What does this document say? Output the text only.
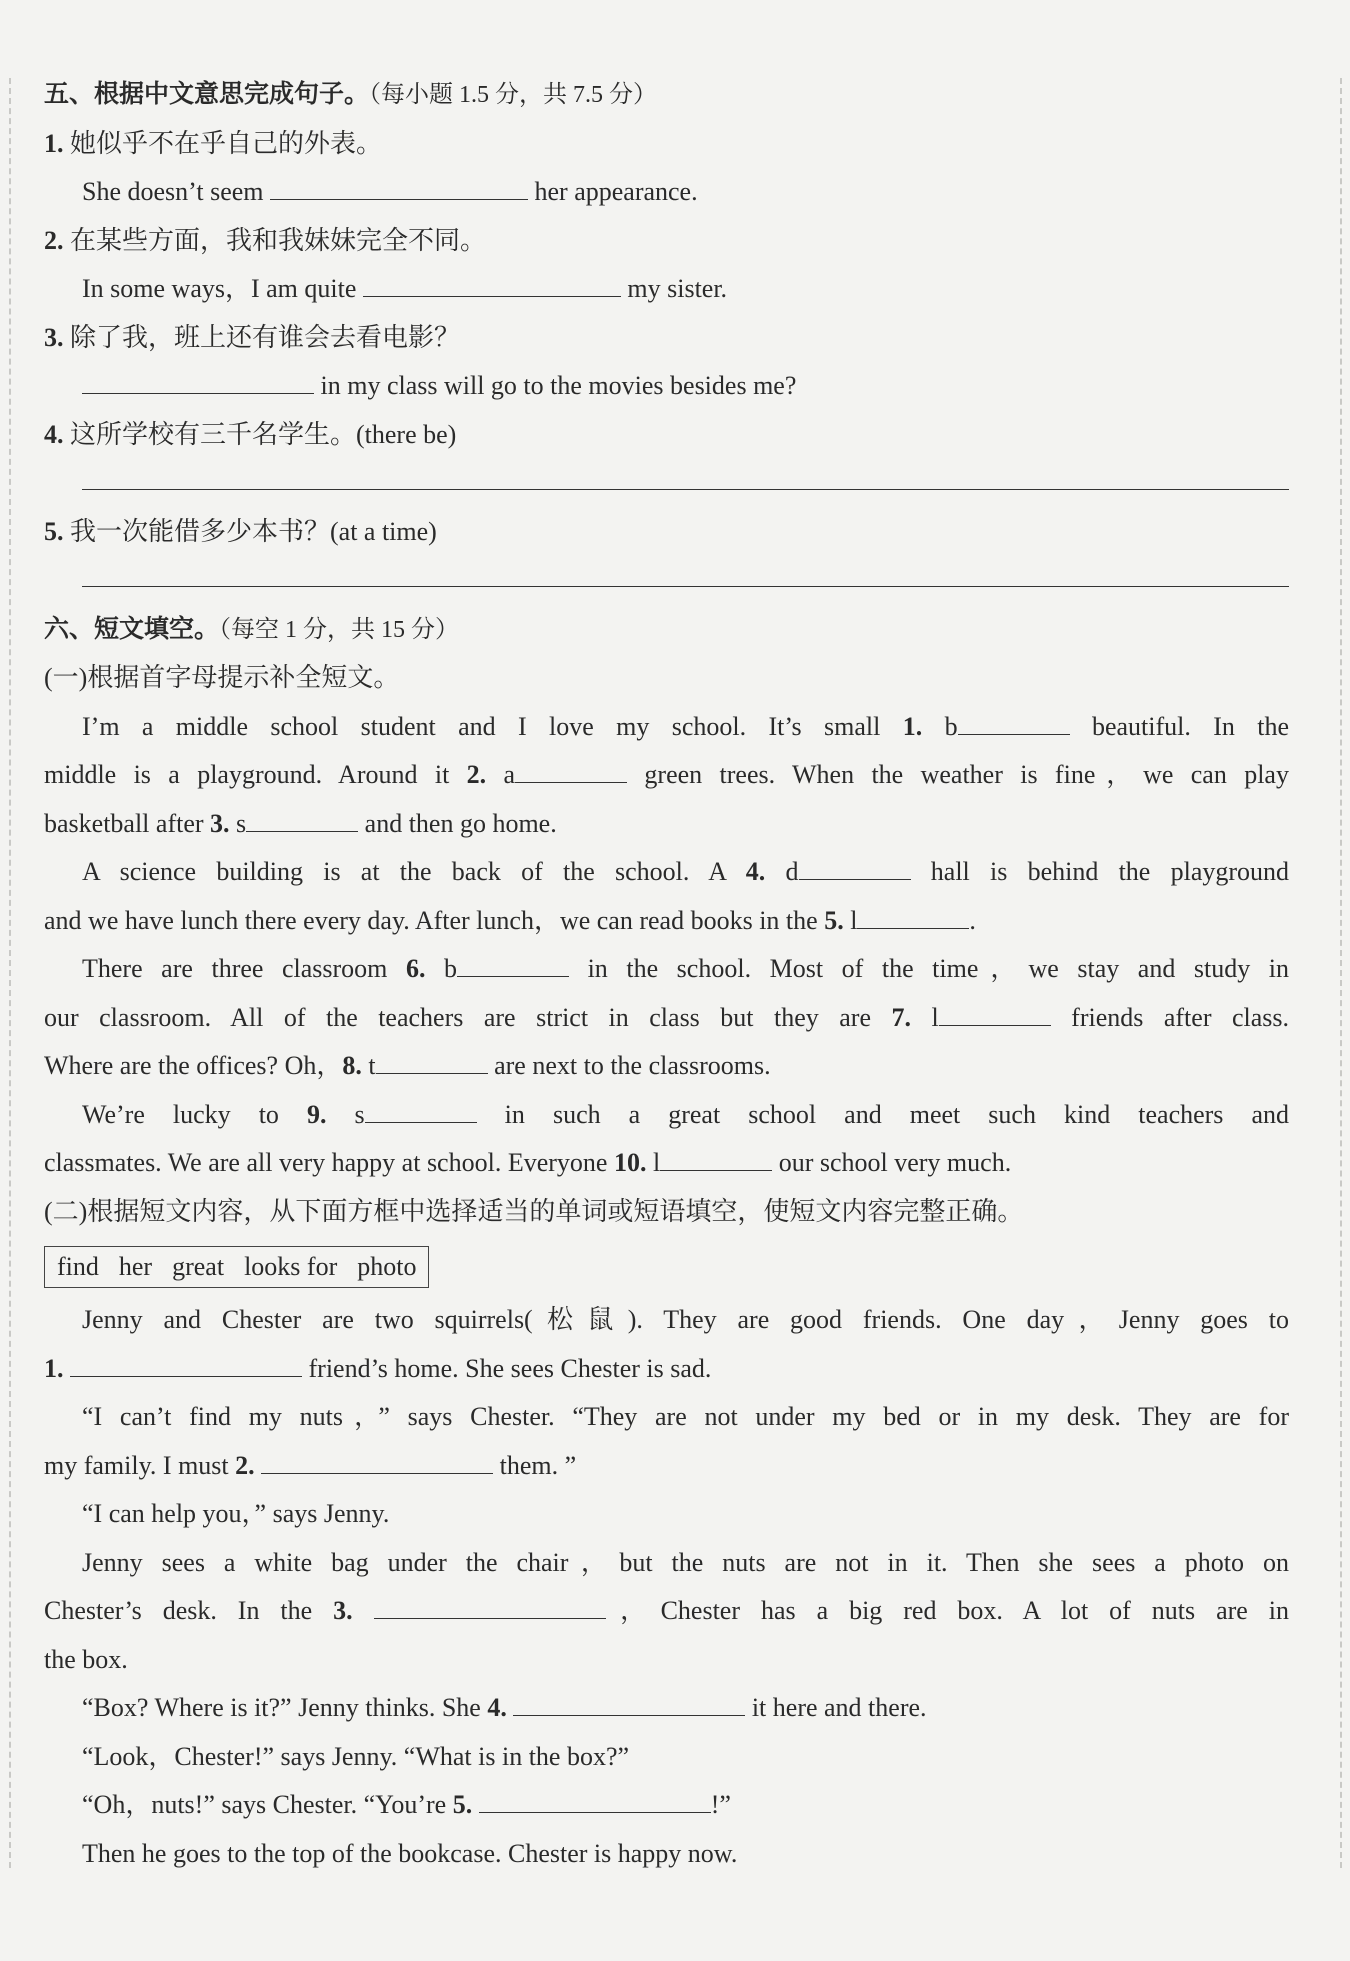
五、根据中文意思完成句子。（每小题 1.5 分，共 7.5 分）
1. 她似乎不在乎自己的外表。
She doesn’t seem	her appearance.
2. 在某些方面，我和我妹妹完全不同。
In some ways，I am quite	my sister.
3. 除了我，班上还有谁会去看电影？
in my class will go to the movies besides me?
4. 这所学校有三千名学生。(there be)
5. 我一次能借多少本书？(at a time)
六、短文填空。（每空 1 分，共 15 分）
(一)根据首字母提示补全短文。
I’m a middle school student and I love my school. It’s small 1. b	beautiful. In the
middle is a playground. Around it 2. a	green trees. When the weather is fine，we can play
basketball after 3. s	and then go home.
A science building is at the back of the school. A 4. d	hall is behind the playground
and we have lunch there every day. After lunch，we can read books in the 5. l	.
There are three classroom 6. b	in the school. Most of the time，we stay and study in
our classroom. All of the teachers are strict in class but they are 7. l	friends after class.
Where are the offices? Oh，8. t	are next to the classrooms.
We’re lucky to 9. s	in such a great school and meet such kind teachers and
classmates. We are all very happy at school. Everyone 10. l	our school very much.
(二)根据短文内容，从下面方框中选择适当的单词或短语填空，使短文内容完整正确。
find her great looks for photo
Jenny and Chester are two squirrels(松鼠). They are good friends. One day，Jenny goes to
1.	friend’s home. She sees Chester is sad.
“I can’t find my nuts，” says Chester. “They are not under my bed or in my desk. They are for
my family. I must 2.	them. ”
“I can help you，” says Jenny.
Jenny sees a white bag under the chair，but the nuts are not in it. Then she sees a photo on
Chester’s desk. In the 3.	，Chester has a big red box. A lot of nuts are in
the box.
“Box? Where is it?” Jenny thinks. She 4.	it here and there.
“Look，Chester!” says Jenny. “What is in the box?”
“Oh，nuts!” says Chester. “You’re 5.	!”
Then he goes to the top of the bookcase. Chester is happy now.
